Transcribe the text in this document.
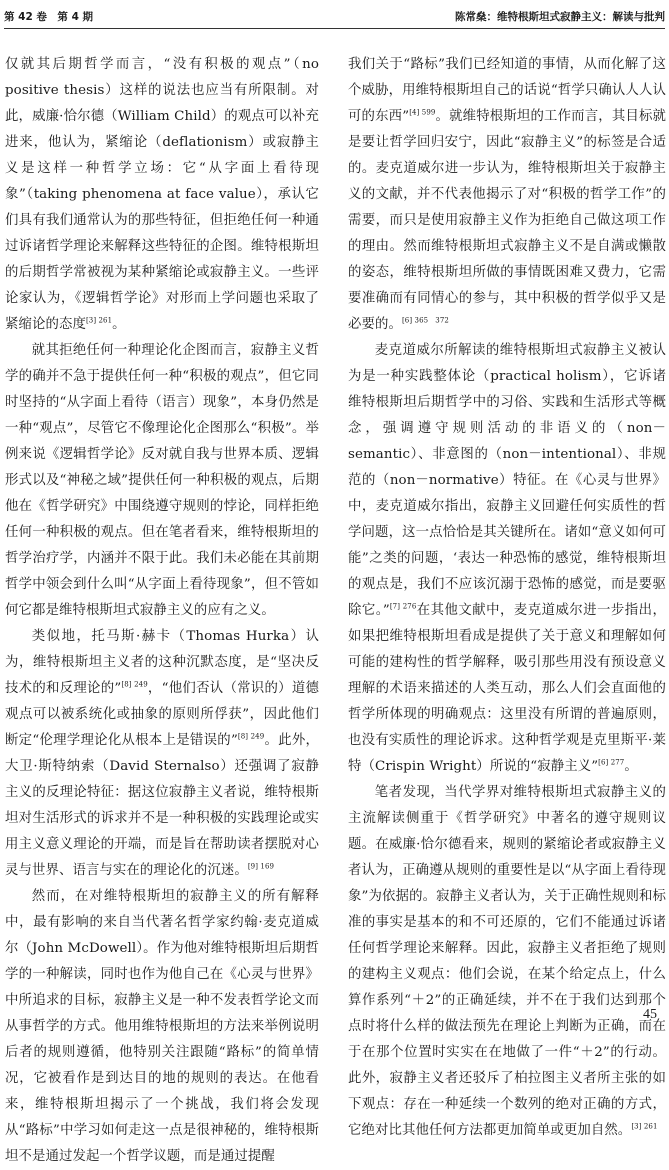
第 42 卷　第 4 期	陈常燊：维特根斯坦式寂静主义：解读与批判

仅就其后期哲学而言，“没有积极的观点”（no positive thesis）这样的说法也应当有所限制。对此，威廉·恰尔德（William Child）的观点可以补充进来，他认为，紧缩论（deflationism）或寂静主义是这样一种哲学立场：它“从字面上看待现象”（taking phenomena at face value），承认它们具有我们通常认为的那些特征，但拒绝任何一种通过诉诸哲学理论来解释这些特征的企图。维特根斯坦的后期哲学常被视为某种紧缩论或寂静主义。一些评论家认为，《逻辑哲学论》对形而上学问题也采取了紧缩论的态度$^{[3] 261}$。

就其拒绝任何一种理论化企图而言，寂静主义哲学的确并不急于提供任何一种“积极的观点”，但它同时坚持的“从字面上看待（语言）现象”，本身仍然是一种“观点”，尽管它不像理论化企图那么“积极”。举例来说《逻辑哲学论》反对就自我与世界本质、逻辑形式以及“神秘之域”提供任何一种积极的观点，后期他在《哲学研究》中围绕遵守规则的悖论，同样拒绝任何一种积极的观点。但在笔者看来，维特根斯坦的哲学治疗学，内涵并不限于此。我们未必能在其前期哲学中领会到什么叫“从字面上看待现象”，但不管如何它都是维特根斯坦式寂静主义的应有之义。

类似地，托马斯·赫卡（Thomas Hurka）认为，维特根斯坦主义者的这种沉默态度，是“坚决反技术的和反理论的”$^{[8] 249}$，“他们否认（常识的）道德观点可以被系统化或抽象的原则所俘获”，因此他们断定“伦理学理论化从根本上是错误的”$^{[8] 249}$。此外，大卫·斯特纳索（David Sternalso）还强调了寂静主义的反理论特征：据这位寂静主义者说，维特根斯坦对生活形式的诉求并不是一种积极的实践理论或实用主义意义理论的开端，而是旨在帮助读者摆脱对心灵与世界、语言与实在的理论化的沉迷。$^{[9] 169}$

然而，在对维特根斯坦的寂静主义的所有解释中，最有影响的来自当代著名哲学家约翰·麦克道威尔（John McDowell）。作为他对维特根斯坦后期哲学的一种解读，同时也作为他自己在《心灵与世界》中所追求的目标，寂静主义是一种不发表哲学论文而从事哲学的方式。他用维特根斯坦的方法来举例说明后者的规则遵循，他特别关注跟随“路标”的简单情况，它被看作是到达目的地的规则的表达。在他看来，维特根斯坦揭示了一个挑战，我们将会发现从“路标”中学习如何走这一点是很神秘的，维特根斯坦不是通过发起一个哲学议题，而是通过提醒

我们关于“路标”我们已经知道的事情，从而化解了这个威胁，用维特根斯坦自己的话说“哲学只确认人人认可的东西”$^{[4] 599}$。就维特根斯坦的工作而言，其目标就是要让哲学回归安宁，因此“寂静主义”的标签是合适的。麦克道威尔进一步认为，维特根斯坦关于寂静主义的文献，并不代表他揭示了对“积极的哲学工作”的需要，而只是使用寂静主义作为拒绝自己做这项工作的理由。然而维特根斯坦式寂静主义不是自满或懒散的姿态，维特根斯坦所做的事情既困难又费力，它需要准确而有同情心的参与，其中积极的哲学似乎又是必要的。$^{[6] 365 372}$

麦克道威尔所解读的维特根斯坦式寂静主义被认为是一种实践整体论（practical holism），它诉诸维特根斯坦后期哲学中的习俗、实践和生活形式等概念，强调遵守规则活动的非语义的（non－semantic）、非意图的（non－intentional）、非规范的（non－normative）特征。在《心灵与世界》中，麦克道威尔指出，寂静主义回避任何实质性的哲学问题，这一点恰恰是其关键所在。诸如“意义如何可能”之类的问题，‘表达一种恐怖的感觉，维特根斯坦的观点是，我们不应该沉溺于恐怖的感觉，而是要驱除它。”$^{[7] 276}$在其他文献中，麦克道威尔进一步指出，如果把维特根斯坦看成是提供了关于意义和理解如何可能的建构性的哲学解释，吸引那些用没有预设意义理解的术语来描述的人类互动，那么人们会直面他的哲学所体现的明确观点：这里没有所谓的普遍原则，也没有实质性的理论诉求。这种哲学观是克里斯平·莱特（Crispin Wright）所说的“寂静主义”$^{[6] 277}$。

笔者发现，当代学界对维特根斯坦式寂静主义的主流解读侧重于《哲学研究》中著名的遵守规则议题。在威廉·恰尔德看来，规则的紧缩论者或寂静主义者认为，正确遵从规则的重要性是以“从字面上看待现象”为依据的。寂静主义者认为，关于正确性规则和标准的事实是基本的和不可还原的，它们不能通过诉诸任何哲学理论来解释。因此，寂静主义者拒绝了规则的建构主义观点：他们会说，在某个给定点上，什么算作系列“＋2”的正确延续，并不在于我们达到那个点时将什么样的做法预先在理论上判断为正确，而在于在那个位置时实实在在地做了一件“＋2”的行动。此外，寂静主义者还驳斥了柏拉图主义者所主张的如下观点：存在一种延续一个数列的绝对正确的方式，它绝对比其他任何方法都更加简单或更加自然。$^{[3] 261}$

45
